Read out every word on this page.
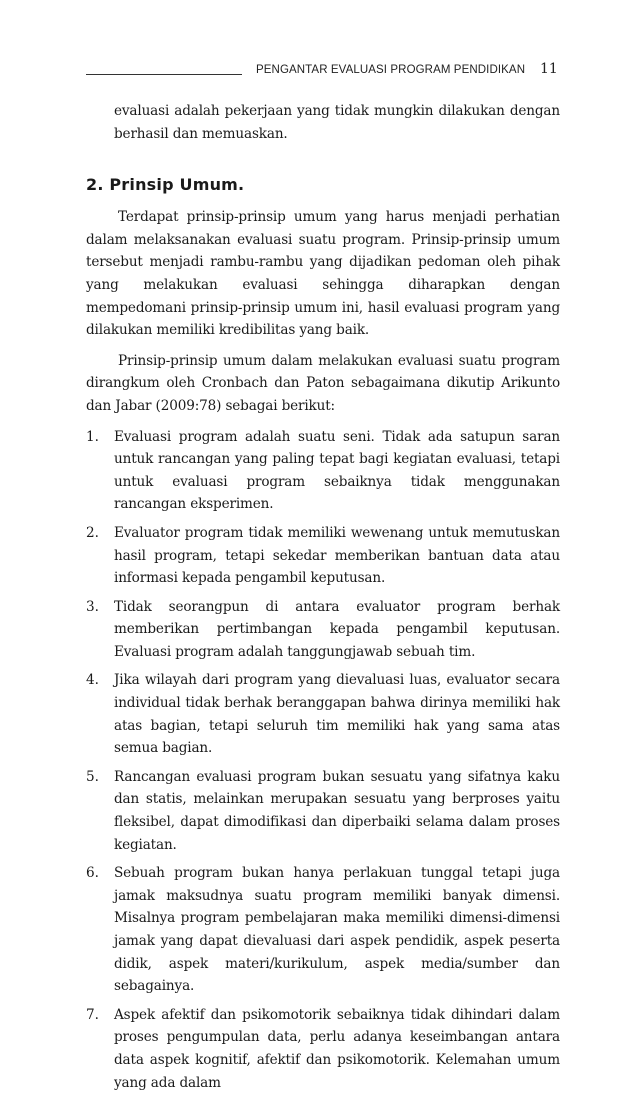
PENGANTAR EVALUASI PROGRAM PENDIDIKAN 11

evaluasi adalah pekerjaan yang tidak mungkin dilakukan dengan berhasil dan memuaskan.

2. Prinsip Umum.

Terdapat prinsip-prinsip umum yang harus menjadi perhatian dalam melaksanakan evaluasi suatu program. Prinsip-prinsip umum tersebut menjadi rambu-rambu yang dijadikan pedoman oleh pihak yang melakukan evaluasi sehingga diharapkan dengan mempedomani prinsip-prinsip umum ini, hasil evaluasi program yang dilakukan memiliki kredibilitas yang baik.

Prinsip-prinsip umum dalam melakukan evaluasi suatu program dirangkum oleh Cronbach dan Paton sebagaimana dikutip Arikunto dan Jabar (2009:78) sebagai berikut:

1. Evaluasi program adalah suatu seni. Tidak ada satupun saran untuk rancangan yang paling tepat bagi kegiatan evaluasi, tetapi untuk evaluasi program sebaiknya tidak menggunakan rancangan eksperimen.
2. Evaluator program tidak memiliki wewenang untuk memutuskan hasil program, tetapi sekedar memberikan bantuan data atau informasi kepada pengambil keputusan.
3. Tidak seorangpun di antara evaluator program berhak memberikan pertimbangan kepada pengambil keputusan. Evaluasi program adalah tanggungjawab sebuah tim.
4. Jika wilayah dari program yang dievaluasi luas, evaluator secara individual tidak berhak beranggapan bahwa dirinya memiliki hak atas bagian, tetapi seluruh tim memiliki hak yang sama atas semua bagian.
5. Rancangan evaluasi program bukan sesuatu yang sifatnya kaku dan statis, melainkan merupakan sesuatu yang berproses yaitu fleksibel, dapat dimodifikasi dan diperbaiki selama dalam proses kegiatan.
6. Sebuah program bukan hanya perlakuan tunggal tetapi juga jamak maksudnya suatu program memiliki banyak dimensi. Misalnya program pembelajaran maka memiliki dimensi-dimensi jamak yang dapat dievaluasi dari aspek pendidik, aspek peserta didik, aspek materi/kurikulum, aspek media/sumber dan sebagainya.
7. Aspek afektif dan psikomotorik sebaiknya tidak dihindari dalam proses pengumpulan data, perlu adanya keseimbangan antara data aspek kognitif, afektif dan psikomotorik. Kelemahan umum yang ada dalam
